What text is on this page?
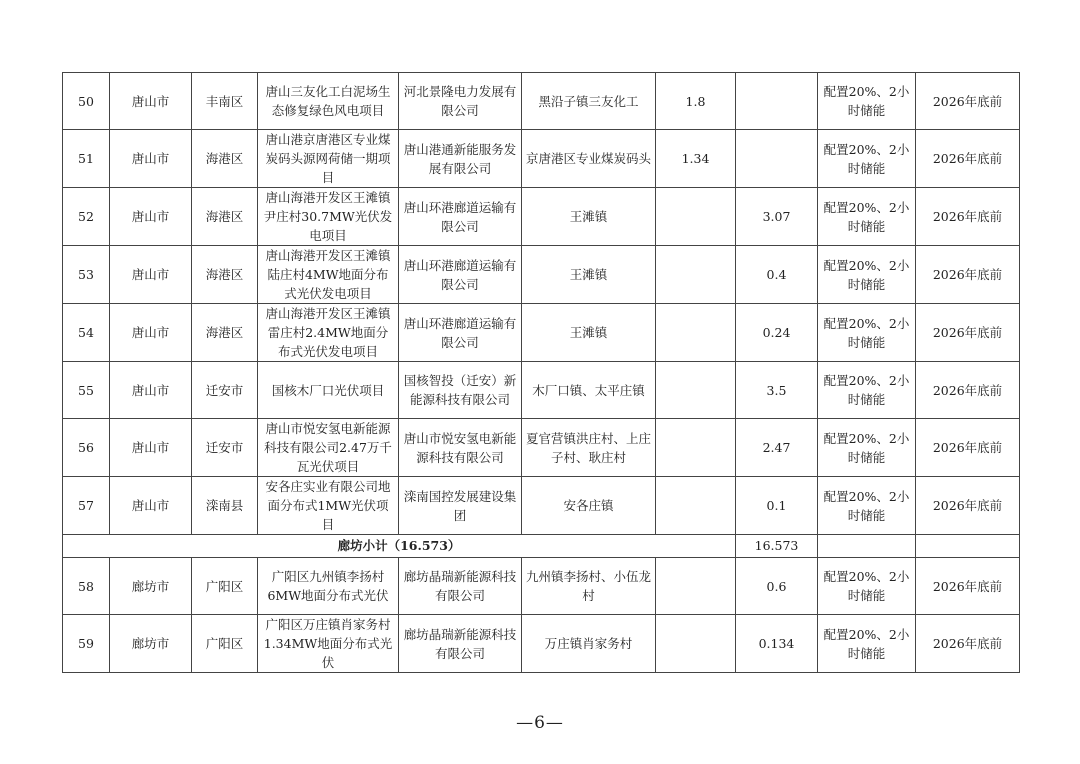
50	唐山市	丰南区	唐山三友化工白泥场生态修复绿色风电项目	河北景隆电力发展有限公司	黑沿子镇三友化工	1.8		配置20%、2小时储能	2026年底前
51	唐山市	海港区	唐山港京唐港区专业煤炭码头源网荷储一期项目	唐山港通新能服务发展有限公司	京唐港区专业煤炭码头	1.34		配置20%、2小时储能	2026年底前
52	唐山市	海港区	唐山海港开发区王滩镇尹庄村30.7MW光伏发电项目	唐山环港廊道运输有限公司	王滩镇		3.07	配置20%、2小时储能	2026年底前
53	唐山市	海港区	唐山海港开发区王滩镇陆庄村4MW地面分布式光伏发电项目	唐山环港廊道运输有限公司	王滩镇		0.4	配置20%、2小时储能	2026年底前
54	唐山市	海港区	唐山海港开发区王滩镇雷庄村2.4MW地面分布式光伏发电项目	唐山环港廊道运输有限公司	王滩镇		0.24	配置20%、2小时储能	2026年底前
55	唐山市	迁安市	国核木厂口光伏项目	国核智投（迁安）新能源科技有限公司	木厂口镇、太平庄镇		3.5	配置20%、2小时储能	2026年底前
56	唐山市	迁安市	唐山市悦安氢电新能源科技有限公司2.47万千瓦光伏项目	唐山市悦安氢电新能源科技有限公司	夏官营镇洪庄村、上庄子村、耿庄村		2.47	配置20%、2小时储能	2026年底前
57	唐山市	滦南县	安各庄实业有限公司地面分布式1MW光伏项目	滦南国控发展建设集团	安各庄镇		0.1	配置20%、2小时储能	2026年底前
廊坊小计（16.573）							16.573		
58	廊坊市	广阳区	广阳区九州镇李扬村6MW地面分布式光伏	廊坊晶瑞新能源科技有限公司	九州镇李扬村、小伍龙村		0.6	配置20%、2小时储能	2026年底前
59	廊坊市	广阳区	广阳区万庄镇肖家务村1.34MW地面分布式光伏	廊坊晶瑞新能源科技有限公司	万庄镇肖家务村		0.134	配置20%、2小时储能	2026年底前
—6—
